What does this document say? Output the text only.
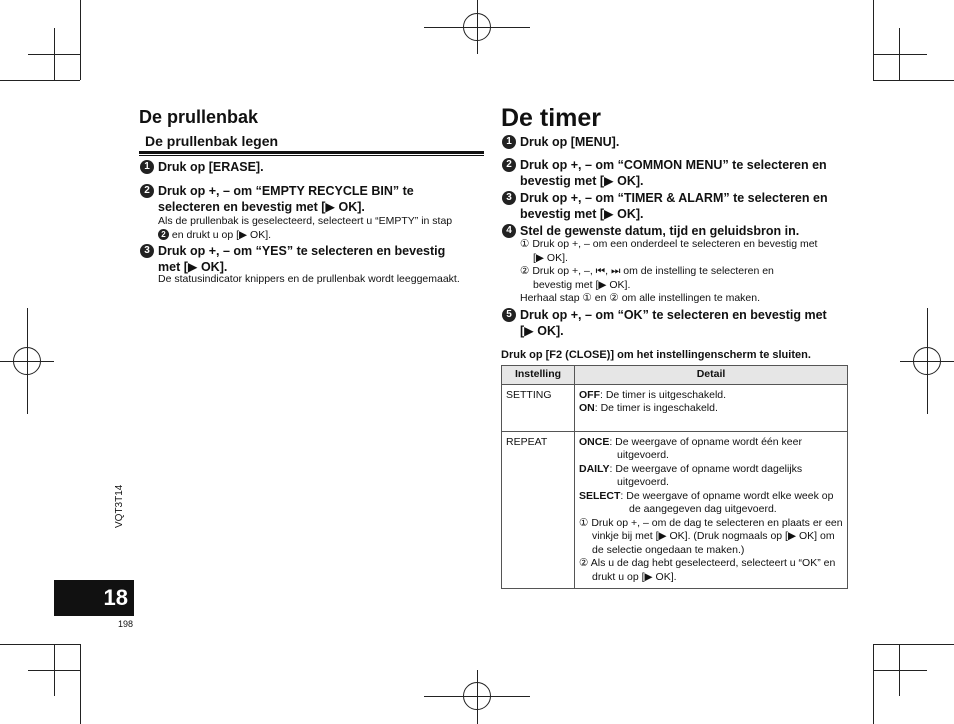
De prullenbak
De prullenbak legen
1 Druk op [ERASE].
2 Druk op +, – om “EMPTY RECYCLE BIN” te
selecteren en bevestig met [▶ OK].
Als de prullenbak is geselecteerd, selecteert u “EMPTY” in stap
2 en drukt u op [▶ OK].
3 Druk op +, – om “YES” te selecteren en bevestig
met [▶ OK].
De statusindicator knippers en de prullenbak wordt leeggemaakt.
De timer
1 Druk op [MENU].
2 Druk op +, – om “COMMON MENU” te selecteren en
bevestig met [▶ OK].
3 Druk op +, – om “TIMER & ALARM” te selecteren en
bevestig met [▶ OK].
4 Stel de gewenste datum, tijd en geluidsbron in.
① Druk op +, – om een onderdeel te selecteren en bevestig met
[▶ OK].
② Druk op +, –, ⏮, ⏭ om de instelling te selecteren en
bevestig met [▶ OK].
Herhaal stap ① en ② om alle instellingen te maken.
5 Druk op +, – om “OK” te selecteren en bevestig met
[▶ OK].
Druk op [F2 (CLOSE)] om het instellingenscherm te sluiten.
Instelling	Detail
SETTING	OFF: De timer is uitgeschakeld.
ON: De timer is ingeschakeld.

REPEAT	ONCE: De weergave of opname wordt één keer uitgevoerd.
DAILY: De weergave of opname wordt dagelijks uitgevoerd.
SELECT: De weergave of opname wordt elke week op de aangegeven dag uitgevoerd.
① Druk op +, – om de dag te selecteren en plaats er een vinkje bij met [▶ OK]. (Druk nogmaals op [▶ OK] om de selectie ongedaan te maken.)
② Als u de dag hebt geselecteerd, selecteert u “OK” en drukt u op [▶ OK].
VQT3T14
18
198
